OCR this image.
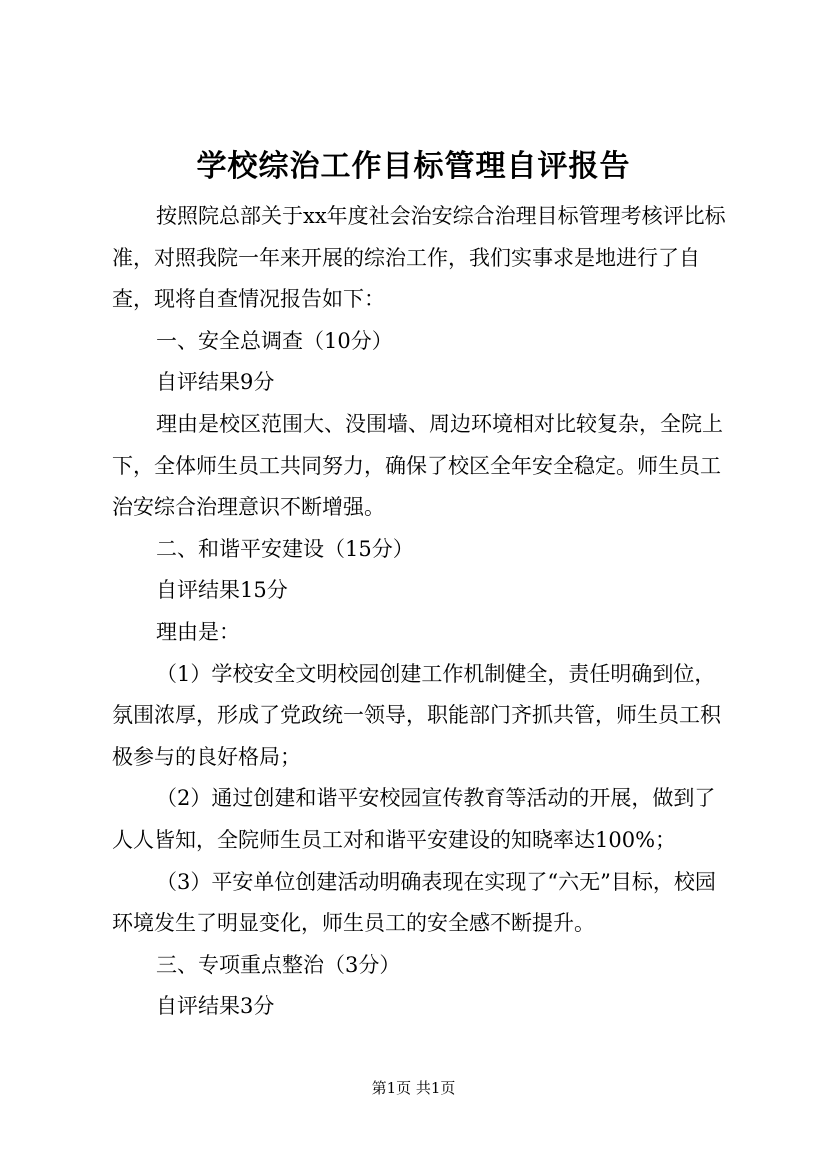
学校综治工作目标管理自评报告

按照院总部关于xx年度社会治安综合治理目标管理考核评比标准，对照我院一年来开展的综治工作，我们实事求是地进行了自查，现将自查情况报告如下：

一、安全总调查（10分）

自评结果9分

理由是校区范围大、没围墙、周边环境相对比较复杂，全院上下，全体师生员工共同努力，确保了校区全年安全稳定。师生员工治安综合治理意识不断增强。

二、和谐平安建设（15分）

自评结果15分

理由是：

（1）学校安全文明校园创建工作机制健全，责任明确到位，氛围浓厚，形成了党政统一领导，职能部门齐抓共管，师生员工积极参与的良好格局；

（2）通过创建和谐平安校园宣传教育等活动的开展，做到了人人皆知，全院师生员工对和谐平安建设的知晓率达100%；

（3）平安单位创建活动明确表现在实现了“六无”目标，校园环境发生了明显变化，师生员工的安全感不断提升。

三、专项重点整治（3分）

自评结果3分

第1页 共1页
